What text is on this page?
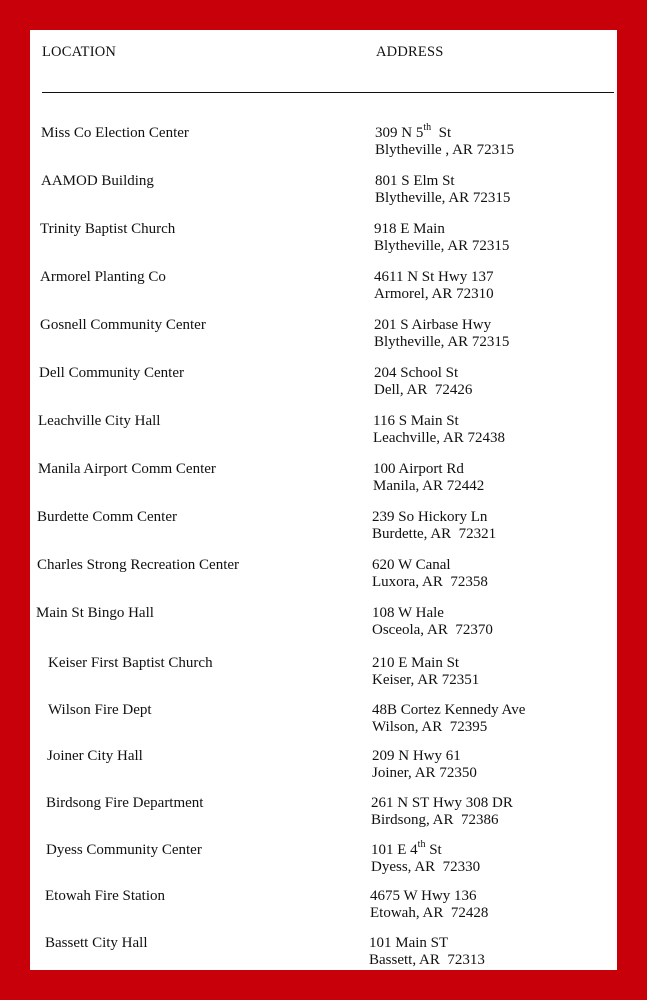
LOCATION	ADDRESS
Miss Co Election Center	309 N 5th  St
Blytheville , AR 72315
AAMOD Building	801 S Elm St
Blytheville, AR 72315
Trinity Baptist Church	918 E Main
Blytheville, AR 72315
Armorel Planting Co	4611 N St Hwy 137
Armorel, AR 72310
Gosnell Community Center	201 S Airbase Hwy
Blytheville, AR 72315
Dell Community Center	204 School St
Dell, AR  72426
Leachville City Hall	116 S Main St
Leachville, AR 72438
Manila Airport Comm Center	100 Airport Rd
Manila, AR 72442
Burdette Comm Center	239 So Hickory Ln
Burdette, AR  72321
Charles Strong Recreation Center	620 W Canal
Luxora, AR  72358
Main St Bingo Hall	108 W Hale
Osceola, AR  72370
Keiser First Baptist Church	210 E Main St
Keiser, AR 72351
Wilson Fire Dept	48B Cortez Kennedy Ave
Wilson, AR  72395
Joiner City Hall	209 N Hwy 61
Joiner, AR 72350
Birdsong Fire Department	261 N ST Hwy 308 DR
Birdsong, AR  72386
Dyess Community Center	101 E 4th St
Dyess, AR  72330
Etowah Fire Station	4675 W Hwy 136
Etowah, AR  72428
Bassett City Hall	101 Main ST
Bassett, AR  72313
